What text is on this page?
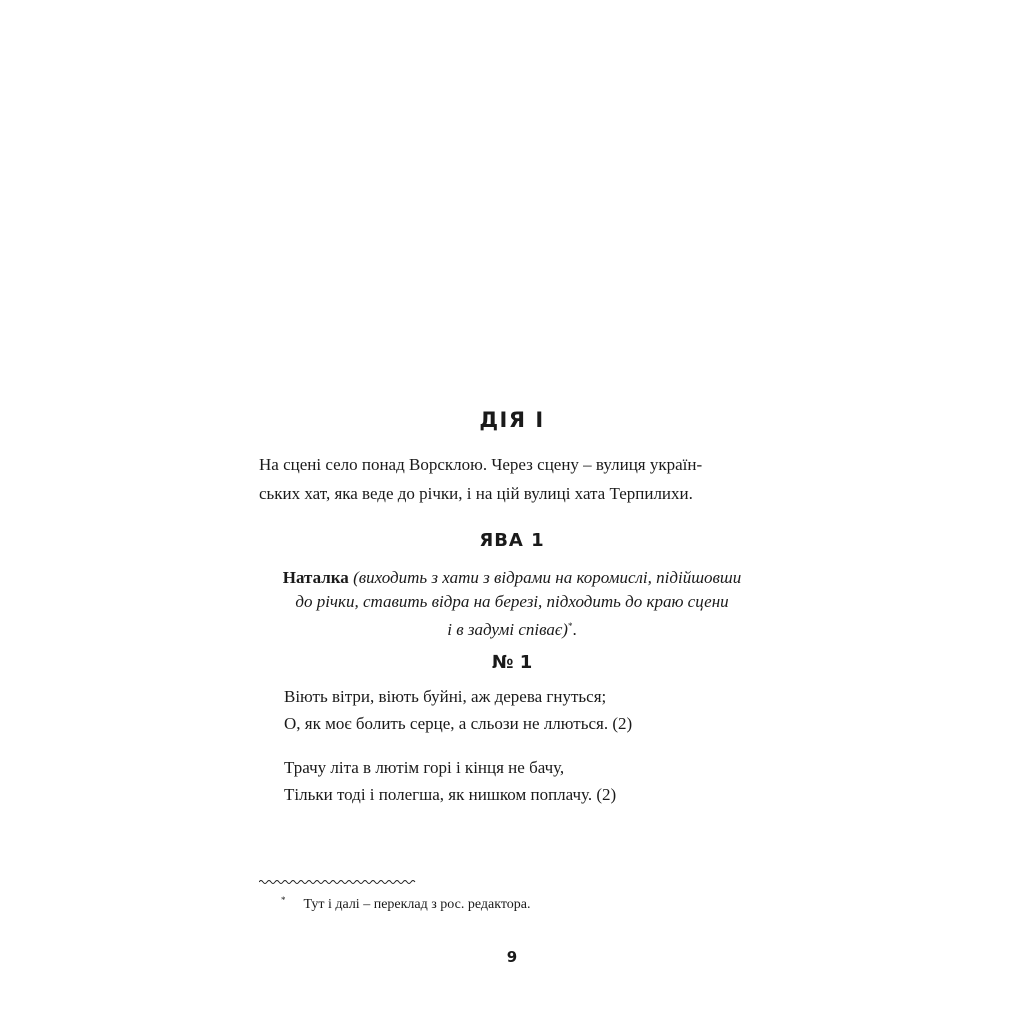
ДІЯ І
На сцені село понад Ворсклою. Через сцену – вулиця україн-
ських хат, яка веде до річки, і на цій вулиці хата Терпилихи.
ЯВА 1
Наталка (виходить з хати з відрами на коромислі, підійшовши
до річки, ставить відра на березі, підходить до краю сцени
і в задумі співає)*.
№ 1
Віють вітри, віють буйні, аж дерева гнуться;
О, як моє болить серце, а сльози не ллються. (2)
Трачу літа в лютім горі і кінця не бачу,
Тільки тоді і полегша, як нишком поплачу. (2)
* Тут і далі – переклад з рос. редактора.
9
